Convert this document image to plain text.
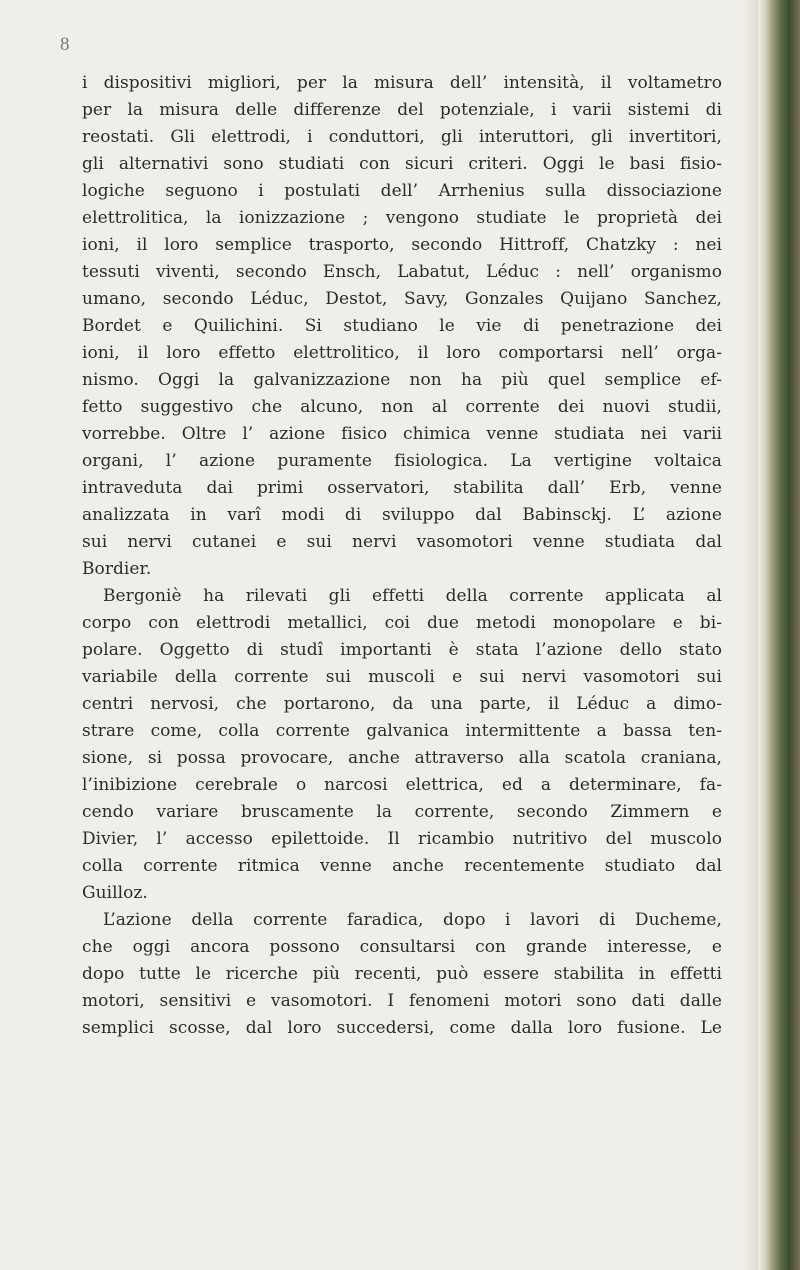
8
i dispositivi migliori, per la misura dell’ intensità, il voltametro
per la misura delle differenze del potenziale, i varii sistemi di
reostati. Gli elettrodi, i conduttori, gli interuttori, gli invertitori,
gli alternativi sono studiati con sicuri criteri. Oggi le basi fisio-
logiche seguono i postulati dell’ Arrhenius sulla dissociazione
elettrolitica, la ionizzazione ; vengono studiate le proprietà dei
ioni, il loro semplice trasporto, secondo Hittroff, Chatzky : nei
tessuti viventi, secondo Ensch, Labatut, Léduc : nell’ organismo
umano, secondo Léduc, Destot, Savy, Gonzales Quijano Sanchez,
Bordet e Quilichini. Si studiano le vie di penetrazione dei
ioni, il loro effetto elettrolitico, il loro comportarsi nell’ orga-
nismo. Oggi la galvanizzazione non ha più quel semplice ef-
fetto suggestivo che alcuno, non al corrente dei nuovi studii,
vorrebbe. Oltre l’ azione fisico chimica venne studiata nei varii
organi, l’ azione puramente fisiologica. La vertigine voltaica
intraveduta dai primi osservatori, stabilita dall’ Erb, venne
analizzata in varî modi di sviluppo dal Babinsckj. L’ azione
sui nervi cutanei e sui nervi vasomotori venne studiata dal
Bordier.
Bergoniè ha rilevati gli effetti della corrente applicata al
corpo con elettrodi metallici, coi due metodi monopolare e bi-
polare. Oggetto di studî importanti è stata l’azione dello stato
variabile della corrente sui muscoli e sui nervi vasomotori sui
centri nervosi, che portarono, da una parte, il Léduc a dimo-
strare come, colla corrente galvanica intermittente a bassa ten-
sione, si possa provocare, anche attraverso alla scatola craniana,
l’inibizione cerebrale o narcosi elettrica, ed a determinare, fa-
cendo variare bruscamente la corrente, secondo Zimmern e
Divier, l’ accesso epilettoide. Il ricambio nutritivo del muscolo
colla corrente ritmica venne anche recentemente studiato dal
Guilloz.
L’azione della corrente faradica, dopo i lavori di Ducheme,
che oggi ancora possono consultarsi con grande interesse, e
dopo tutte le ricerche più recenti, può essere stabilita in effetti
motori, sensitivi e vasomotori. I fenomeni motori sono dati dalle
semplici scosse, dal loro succedersi, come dalla loro fusione. Le
